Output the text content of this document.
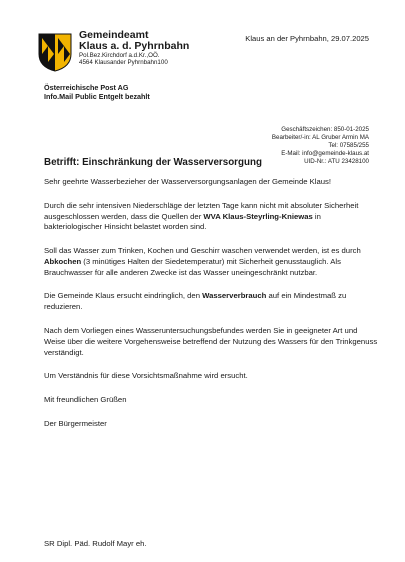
Gemeindeamt
Klaus a. d. Pyhrnbahn
Pol.Bez.Kirchdorf a.d.Kr.,OÖ.
4564 Klausander Pyhrnbahn100
Klaus an der Pyhrnbahn, 29.07.2025
Österreichische Post AG
Info.Mail Public Entgelt bezahlt
Geschäftszeichen: 850-01-2025
Bearbeiter/-in: AL Gruber Armin MA
Tel: 07585/255
E-Mail: info@gemeinde-klaus.at
UID-Nr.: ATU 23428100
Betrifft: Einschränkung der Wasserversorgung

Sehr geehrte Wasserbezieher der Wasserversorgungsanlagen der Gemeinde Klaus!

Durch die sehr intensiven Niederschläge der letzten Tage kann nicht mit absoluter Sicherheit ausgeschlossen werden, dass die Quellen der WVA Klaus-Steyrling-Kniewas in bakteriologischer Hinsicht belastet worden sind.

Soll das Wasser zum Trinken, Kochen und Geschirr waschen verwendet werden, ist es durch Abkochen (3 minütiges Halten der Siedetemperatur) mit Sicherheit genusstauglich. Als Brauchwasser für alle anderen Zwecke ist das Wasser uneingeschränkt nutzbar.

Die Gemeinde Klaus ersucht eindringlich, den Wasserverbrauch auf ein Mindestmaß zu reduzieren.

Nach dem Vorliegen eines Wasseruntersuchungsbefundes werden Sie in geeigneter Art und Weise über die weitere Vorgehensweise betreffend der Nutzung des Wassers für den Trinkgenuss verständigt.

Um Verständnis für diese Vorsichtsmaßnahme wird ersucht.

Mit freundlichen Grüßen

Der Bürgermeister

SR Dipl. Päd. Rudolf Mayr eh.
